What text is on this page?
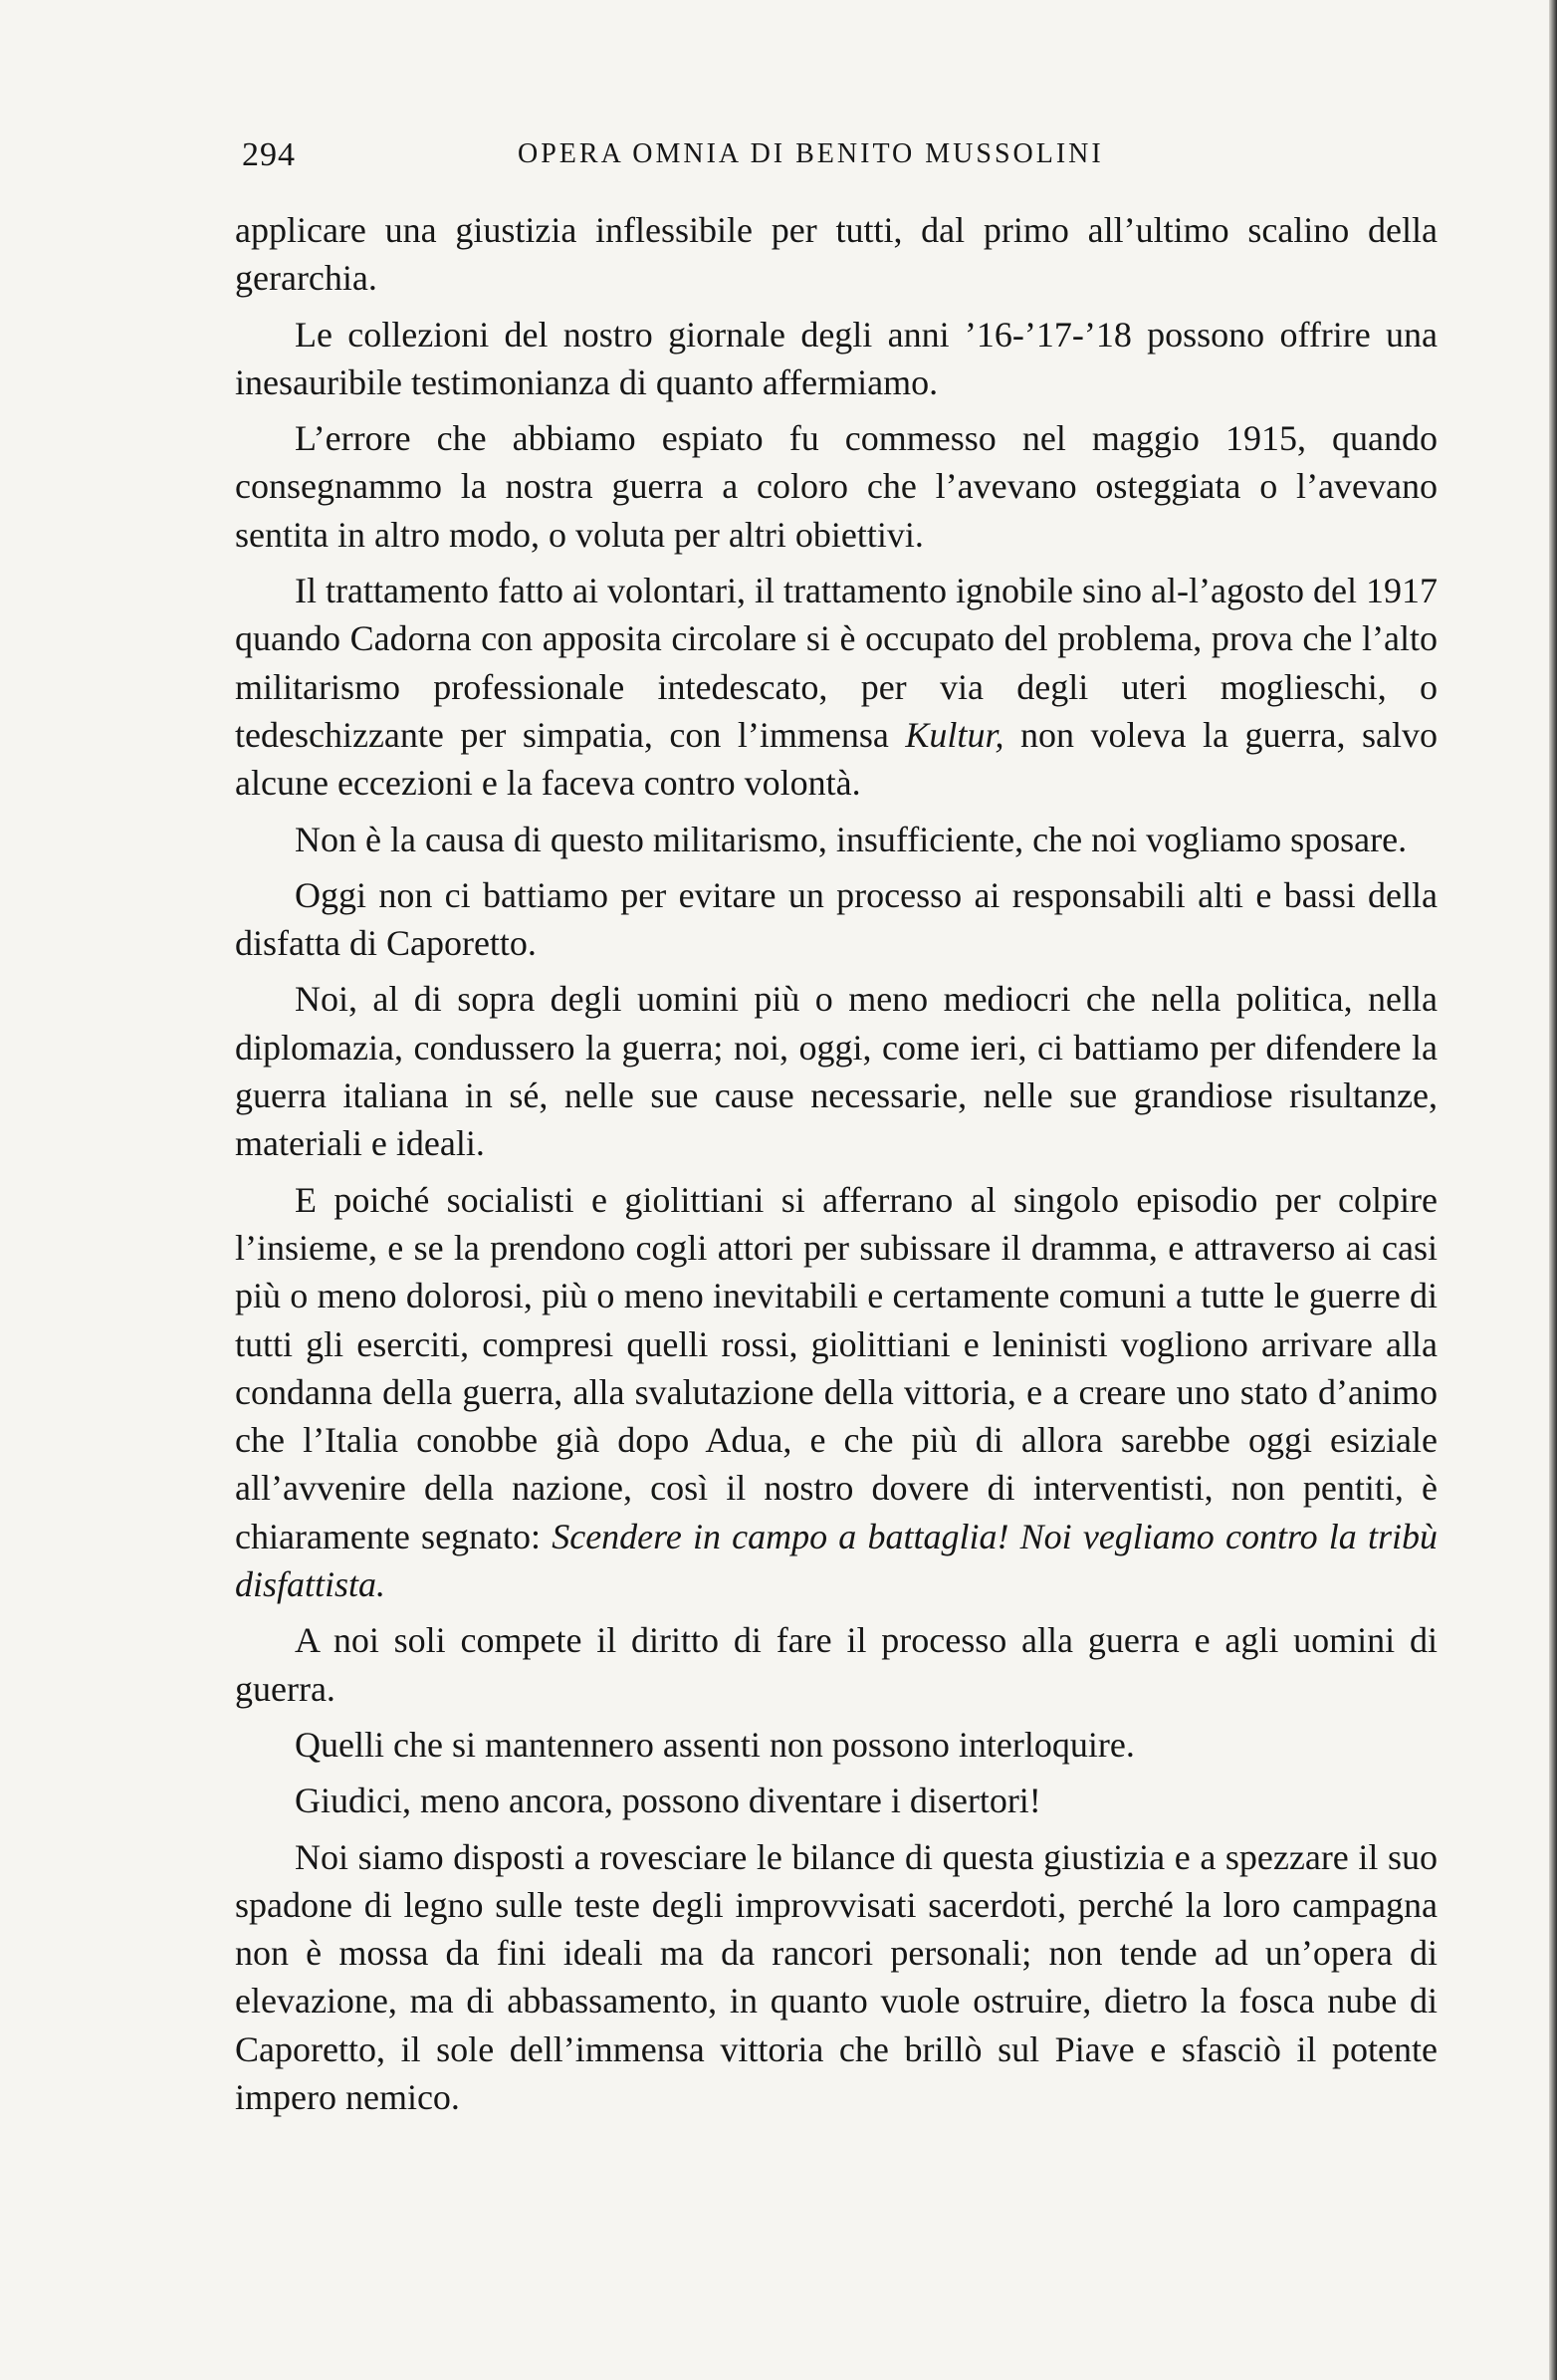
294	OPERA OMNIA DI BENITO MUSSOLINI

applicare una giustizia inflessibile per tutti, dal primo all’ultimo scalino della gerarchia.

Le collezioni del nostro giornale degli anni ’16-’17-’18 possono offrire una inesauribile testimonianza di quanto affermiamo.

L’errore che abbiamo espiato fu commesso nel maggio 1915, quando consegnammo la nostra guerra a coloro che l’avevano osteggiata o l’avevano sentita in altro modo, o voluta per altri obiettivi.

Il trattamento fatto ai volontari, il trattamento ignobile sino al-l’agosto del 1917 quando Cadorna con apposita circolare si è occupato del problema, prova che l’alto militarismo professionale intedescato, per via degli uteri moglieschi, o tedeschizzante per simpatia, con l’immensa Kultur, non voleva la guerra, salvo alcune eccezioni e la faceva contro volontà.

Non è la causa di questo militarismo, insufficiente, che noi vogliamo sposare.

Oggi non ci battiamo per evitare un processo ai responsabili alti e bassi della disfatta di Caporetto.

Noi, al di sopra degli uomini più o meno mediocri che nella politica, nella diplomazia, condussero la guerra; noi, oggi, come ieri, ci battiamo per difendere la guerra italiana in sé, nelle sue cause necessarie, nelle sue grandiose risultanze, materiali e ideali.

E poiché socialisti e giolittiani si afferrano al singolo episodio per colpire l’insieme, e se la prendono cogli attori per subissare il dramma, e attraverso ai casi più o meno dolorosi, più o meno inevitabili e certamente comuni a tutte le guerre di tutti gli eserciti, compresi quelli rossi, giolittiani e leninisti vogliono arrivare alla condanna della guerra, alla svalutazione della vittoria, e a creare uno stato d’animo che l’Italia conobbe già dopo Adua, e che più di allora sarebbe oggi esiziale all’avvenire della nazione, così il nostro dovere di interventisti, non pentiti, è chiaramente segnato: Scendere in campo a battaglia! Noi vegliamo contro la tribù disfattista.

A noi soli compete il diritto di fare il processo alla guerra e agli uomini di guerra.

Quelli che si mantennero assenti non possono interloquire.

Giudici, meno ancora, possono diventare i disertori!

Noi siamo disposti a rovesciare le bilance di questa giustizia e a spezzare il suo spadone di legno sulle teste degli improvvisati sacerdoti, perché la loro campagna non è mossa da fini ideali ma da rancori personali; non tende ad un’opera di elevazione, ma di abbassamento, in quanto vuole ostruire, dietro la fosca nube di Caporetto, il sole dell’immensa vittoria che brillò sul Piave e sfasciò il potente impero nemico.
